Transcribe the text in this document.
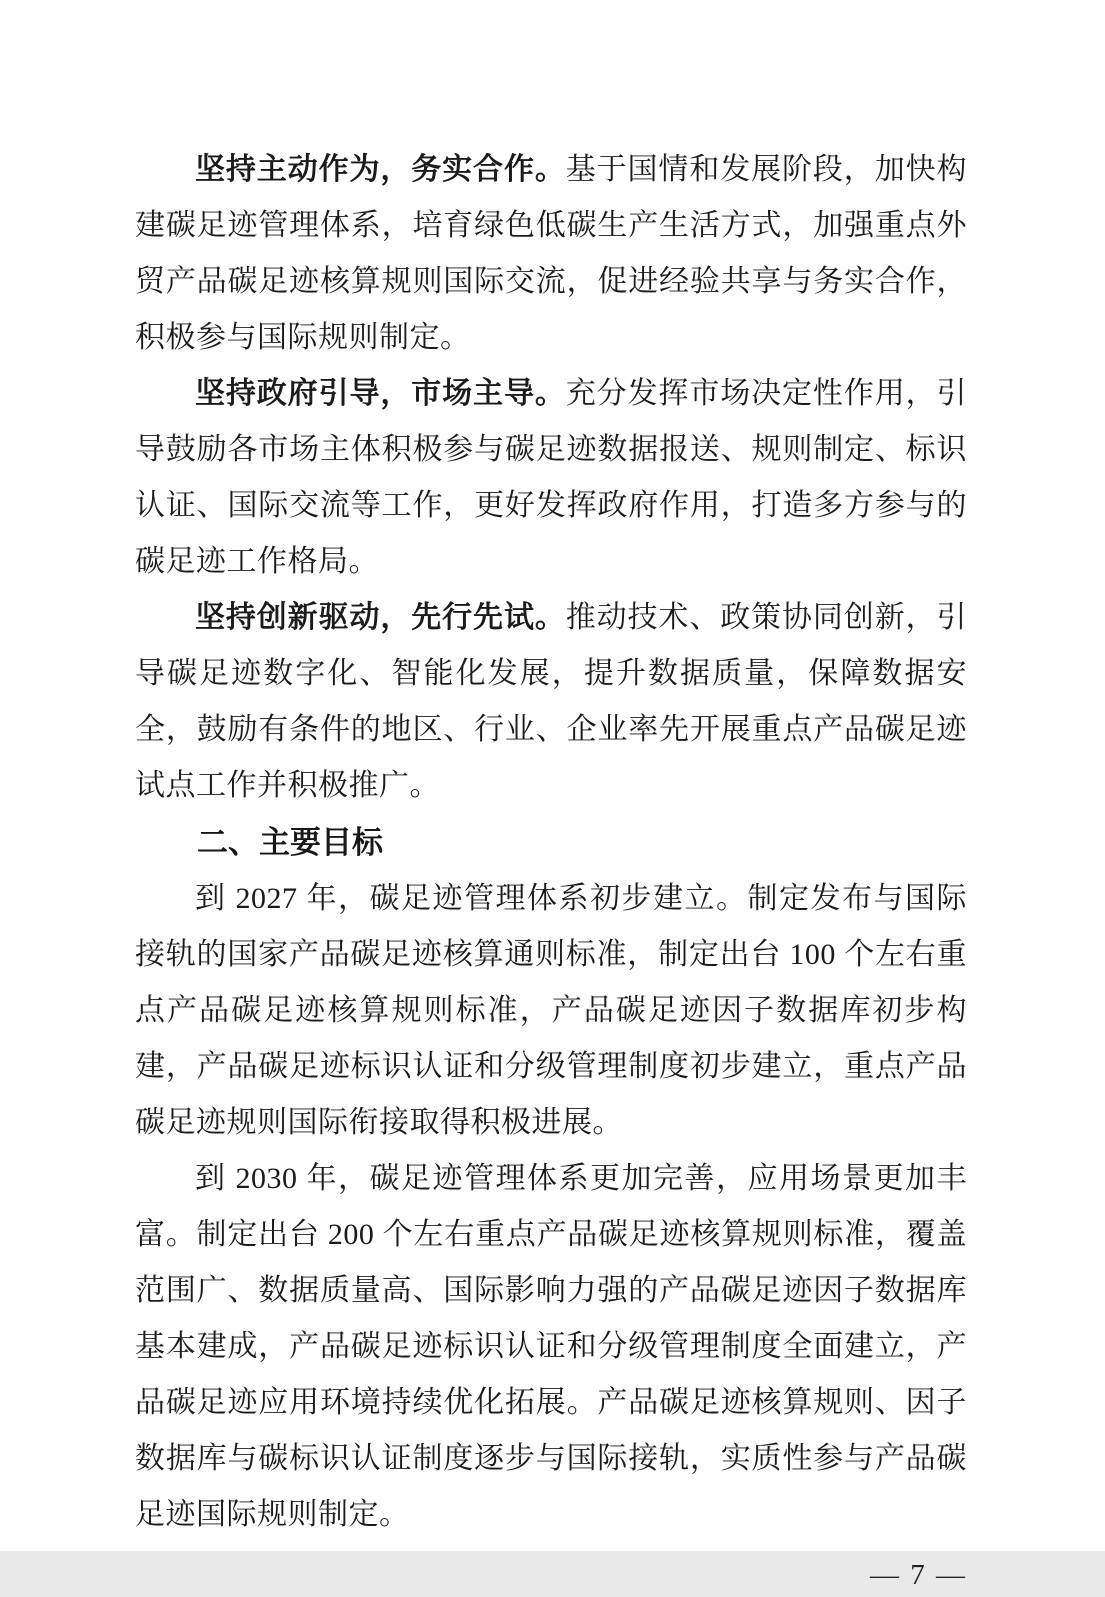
坚持主动作为，务实合作。基于国情和发展阶段，加快构建碳足迹管理体系，培育绿色低碳生产生活方式，加强重点外贸产品碳足迹核算规则国际交流，促进经验共享与务实合作，积极参与国际规则制定。

坚持政府引导，市场主导。充分发挥市场决定性作用，引导鼓励各市场主体积极参与碳足迹数据报送、规则制定、标识认证、国际交流等工作，更好发挥政府作用，打造多方参与的碳足迹工作格局。

坚持创新驱动，先行先试。推动技术、政策协同创新，引导碳足迹数字化、智能化发展，提升数据质量，保障数据安全，鼓励有条件的地区、行业、企业率先开展重点产品碳足迹试点工作并积极推广。

二、主要目标

到 2027 年，碳足迹管理体系初步建立。制定发布与国际接轨的国家产品碳足迹核算通则标准，制定出台 100 个左右重点产品碳足迹核算规则标准，产品碳足迹因子数据库初步构建，产品碳足迹标识认证和分级管理制度初步建立，重点产品碳足迹规则国际衔接取得积极进展。

到 2030 年，碳足迹管理体系更加完善，应用场景更加丰富。制定出台 200 个左右重点产品碳足迹核算规则标准，覆盖范围广、数据质量高、国际影响力强的产品碳足迹因子数据库基本建成，产品碳足迹标识认证和分级管理制度全面建立，产品碳足迹应用环境持续优化拓展。产品碳足迹核算规则、因子数据库与碳标识认证制度逐步与国际接轨，实质性参与产品碳足迹国际规则制定。

— 7 —
